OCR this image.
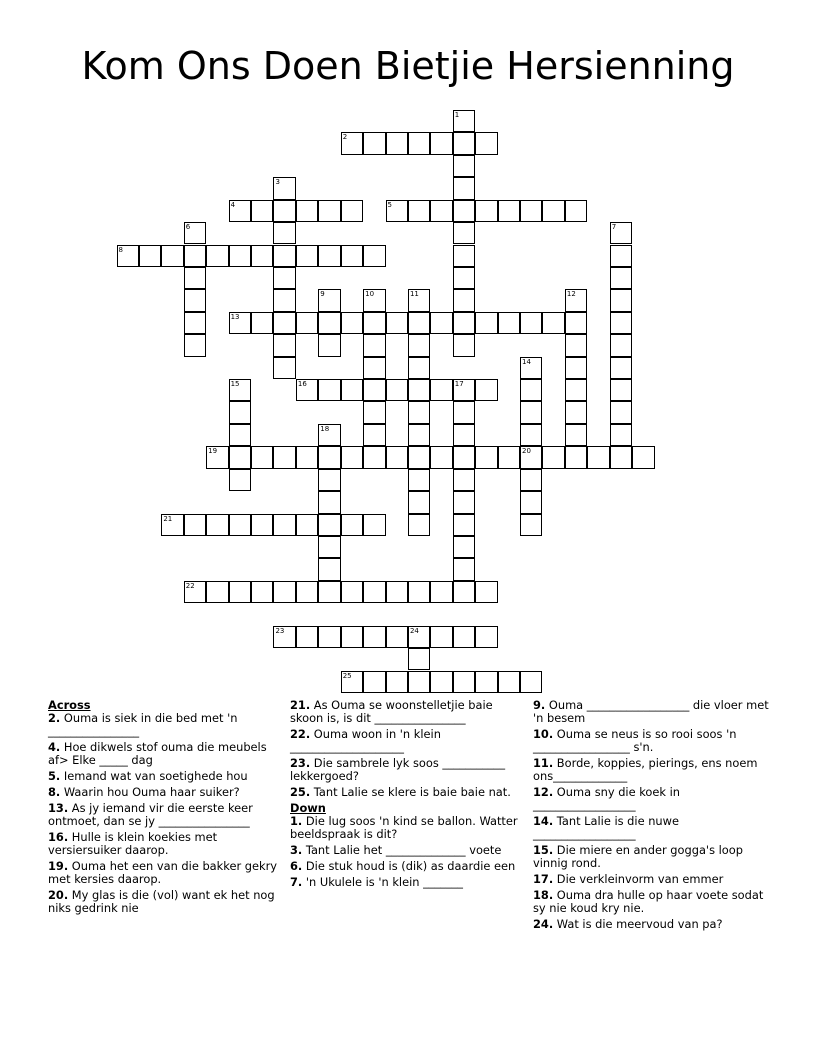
Kom Ons Doen Bietjie Hersienning
1
2
3
4	5
6	7
8
9	10	11	12
13
14
20
15	16	17
18
19
21
22
23	24
25
Across
2. Ouma is siek in die bed met 'n ________________
4. Hoe dikwels stof ouma die meubels af> Elke _____ dag
5. Iemand wat van soetighede hou
8. Waarin hou Ouma haar suiker?
13. As jy iemand vir die eerste keer ontmoet, dan se jy ________________
16. Hulle is klein koekies met versiersuiker daarop.
19. Ouma het een van die bakker gekry met kersies daarop.
20. My glas is die (vol) want ek het nog niks gedrink nie
21. As Ouma se woonstelletjie baie skoon is, is dit ________________
22. Ouma woon in 'n klein ____________________
23. Die sambrele lyk soos ___________ lekkergoed?
25. Tant Lalie se klere is baie baie nat.
Down
1. Die lug soos 'n kind se ballon. Watter beeldspraak is dit?
3. Tant Lalie het ______________ voete
6. Die stuk houd is (dik) as daardie een
7. 'n Ukulele is 'n klein _______
9. Ouma __________________ die vloer met 'n besem
10. Ouma se neus is so rooi soos 'n _________________ s'n.
11. Borde, koppies, pierings, ens noem ons_____________
12. Ouma sny die koek in __________________
14. Tant Lalie is die nuwe __________________
15. Die miere en ander gogga's loop vinnig rond.
17. Die verkleinvorm van emmer
18. Ouma dra hulle op haar voete sodat sy nie koud kry nie.
24. Wat is die meervoud van pa?
